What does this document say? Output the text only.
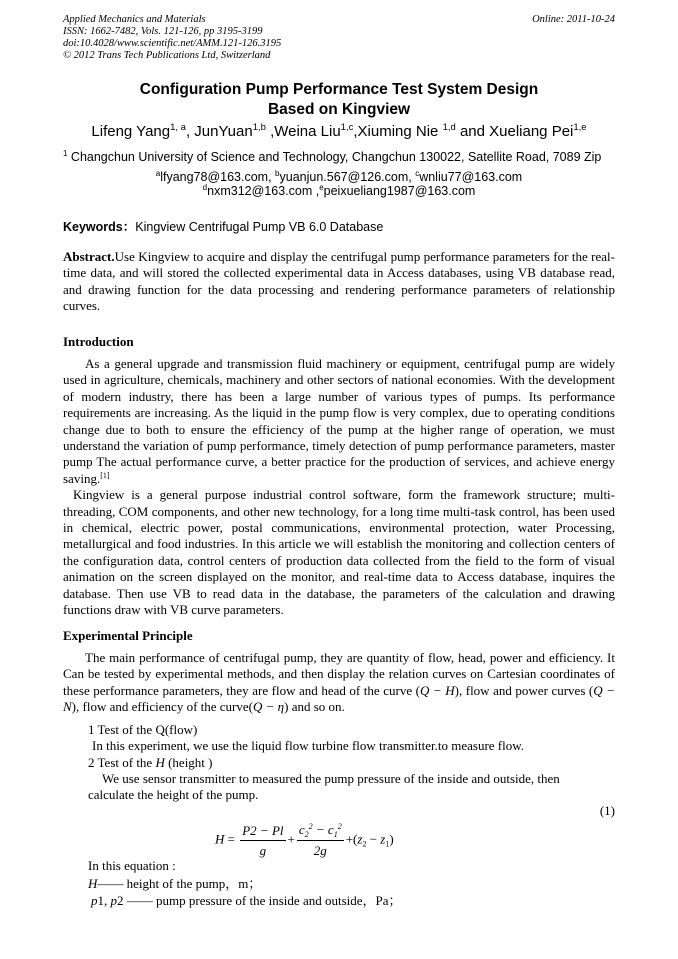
Applied Mechanics and Materials
ISSN: 1662-7482, Vols. 121-126, pp 3195-3199
doi:10.4028/www.scientific.net/AMM.121-126.3195
© 2012 Trans Tech Publications Ltd, Switzerland
Online: 2011-10-24
Configuration Pump Performance Test System Design
Based on Kingview
Lifeng Yang$^{1, a}$, JunYuan$^{1,b}$ ,Weina Liu$^{1,c}$,Xiuming Nie $^{1,d}$ and Xueliang Pei$^{1,e}$
$^1$ Changchun University of Science and Technology, Changchun 130022, Satellite Road, 7089 Zip
$^a$lfyang78@163.com, $^b$yuanjun.567@126.com, $^c$wnliu77@163.com
$^d$nxm312@163.com ,$^e$peixueliang1987@163.com
Keywords：Kingview Centrifugal Pump VB 6.0 Database

Abstract.Use Kingview to acquire and display the centrifugal pump performance parameters for the real-time data, and will stored the collected experimental data in Access databases, using VB database read, and drawing function for the data processing and rendering performance parameters of relationship curves.

Introduction

As a general upgrade and transmission fluid machinery or equipment, centrifugal pump are widely used in agriculture, chemicals, machinery and other sectors of national economies. With the development of modern industry, there has been a large number of various types of pumps. Its performance requirements are increasing. As the liquid in the pump flow is very complex, due to operating conditions change due to both to ensure the efficiency of the pump at the higher range of operation, we must understand the variation of pump performance, timely detection of pump performance parameters, master pump The actual performance curve, a better practice for the production of services, and achieve energy saving.[1]

Kingview is a general purpose industrial control software, form the framework structure; multi-threading, COM components, and other new technology, for a long time multi-task control, has been used in chemical, electric power, postal communications, environmental protection, water Processing, metallurgical and food industries. In this article we will establish the monitoring and collection centers of the configuration data, control centers of production data collected from the field to the form of visual animation on the screen displayed on the monitor, and real-time data to Access database, inquires the database. Then use VB to read data in the database, the parameters of the calculation and drawing functions draw with VB curve parameters.

Experimental Principle

The main performance of centrifugal pump, they are quantity of flow, head, power and efficiency. It Can be tested by experimental methods, and then display the relation curves on Cartesian coordinates of these performance parameters, they are flow and head of the curve (Q − H), flow and power curves (Q − N), flow and efficiency of the curve(Q − η) and so on.

1 Test of the Q(flow)
In this experiment, we use the liquid flow turbine flow transmitter.to measure flow.
2 Test of the H (height )

We use sensor transmitter to measured the pump pressure of the inside and outside, then

calculate the height of the pump.
(1)
$H = \frac{P2 - Pl}{g} + \frac{c_2^2 - c_1^2}{2g} +(z_2 - z_1)$
In this equation :
H—— height of the pump，m；
p1, p2 —— pump pressure of the inside and outside，Pa；
